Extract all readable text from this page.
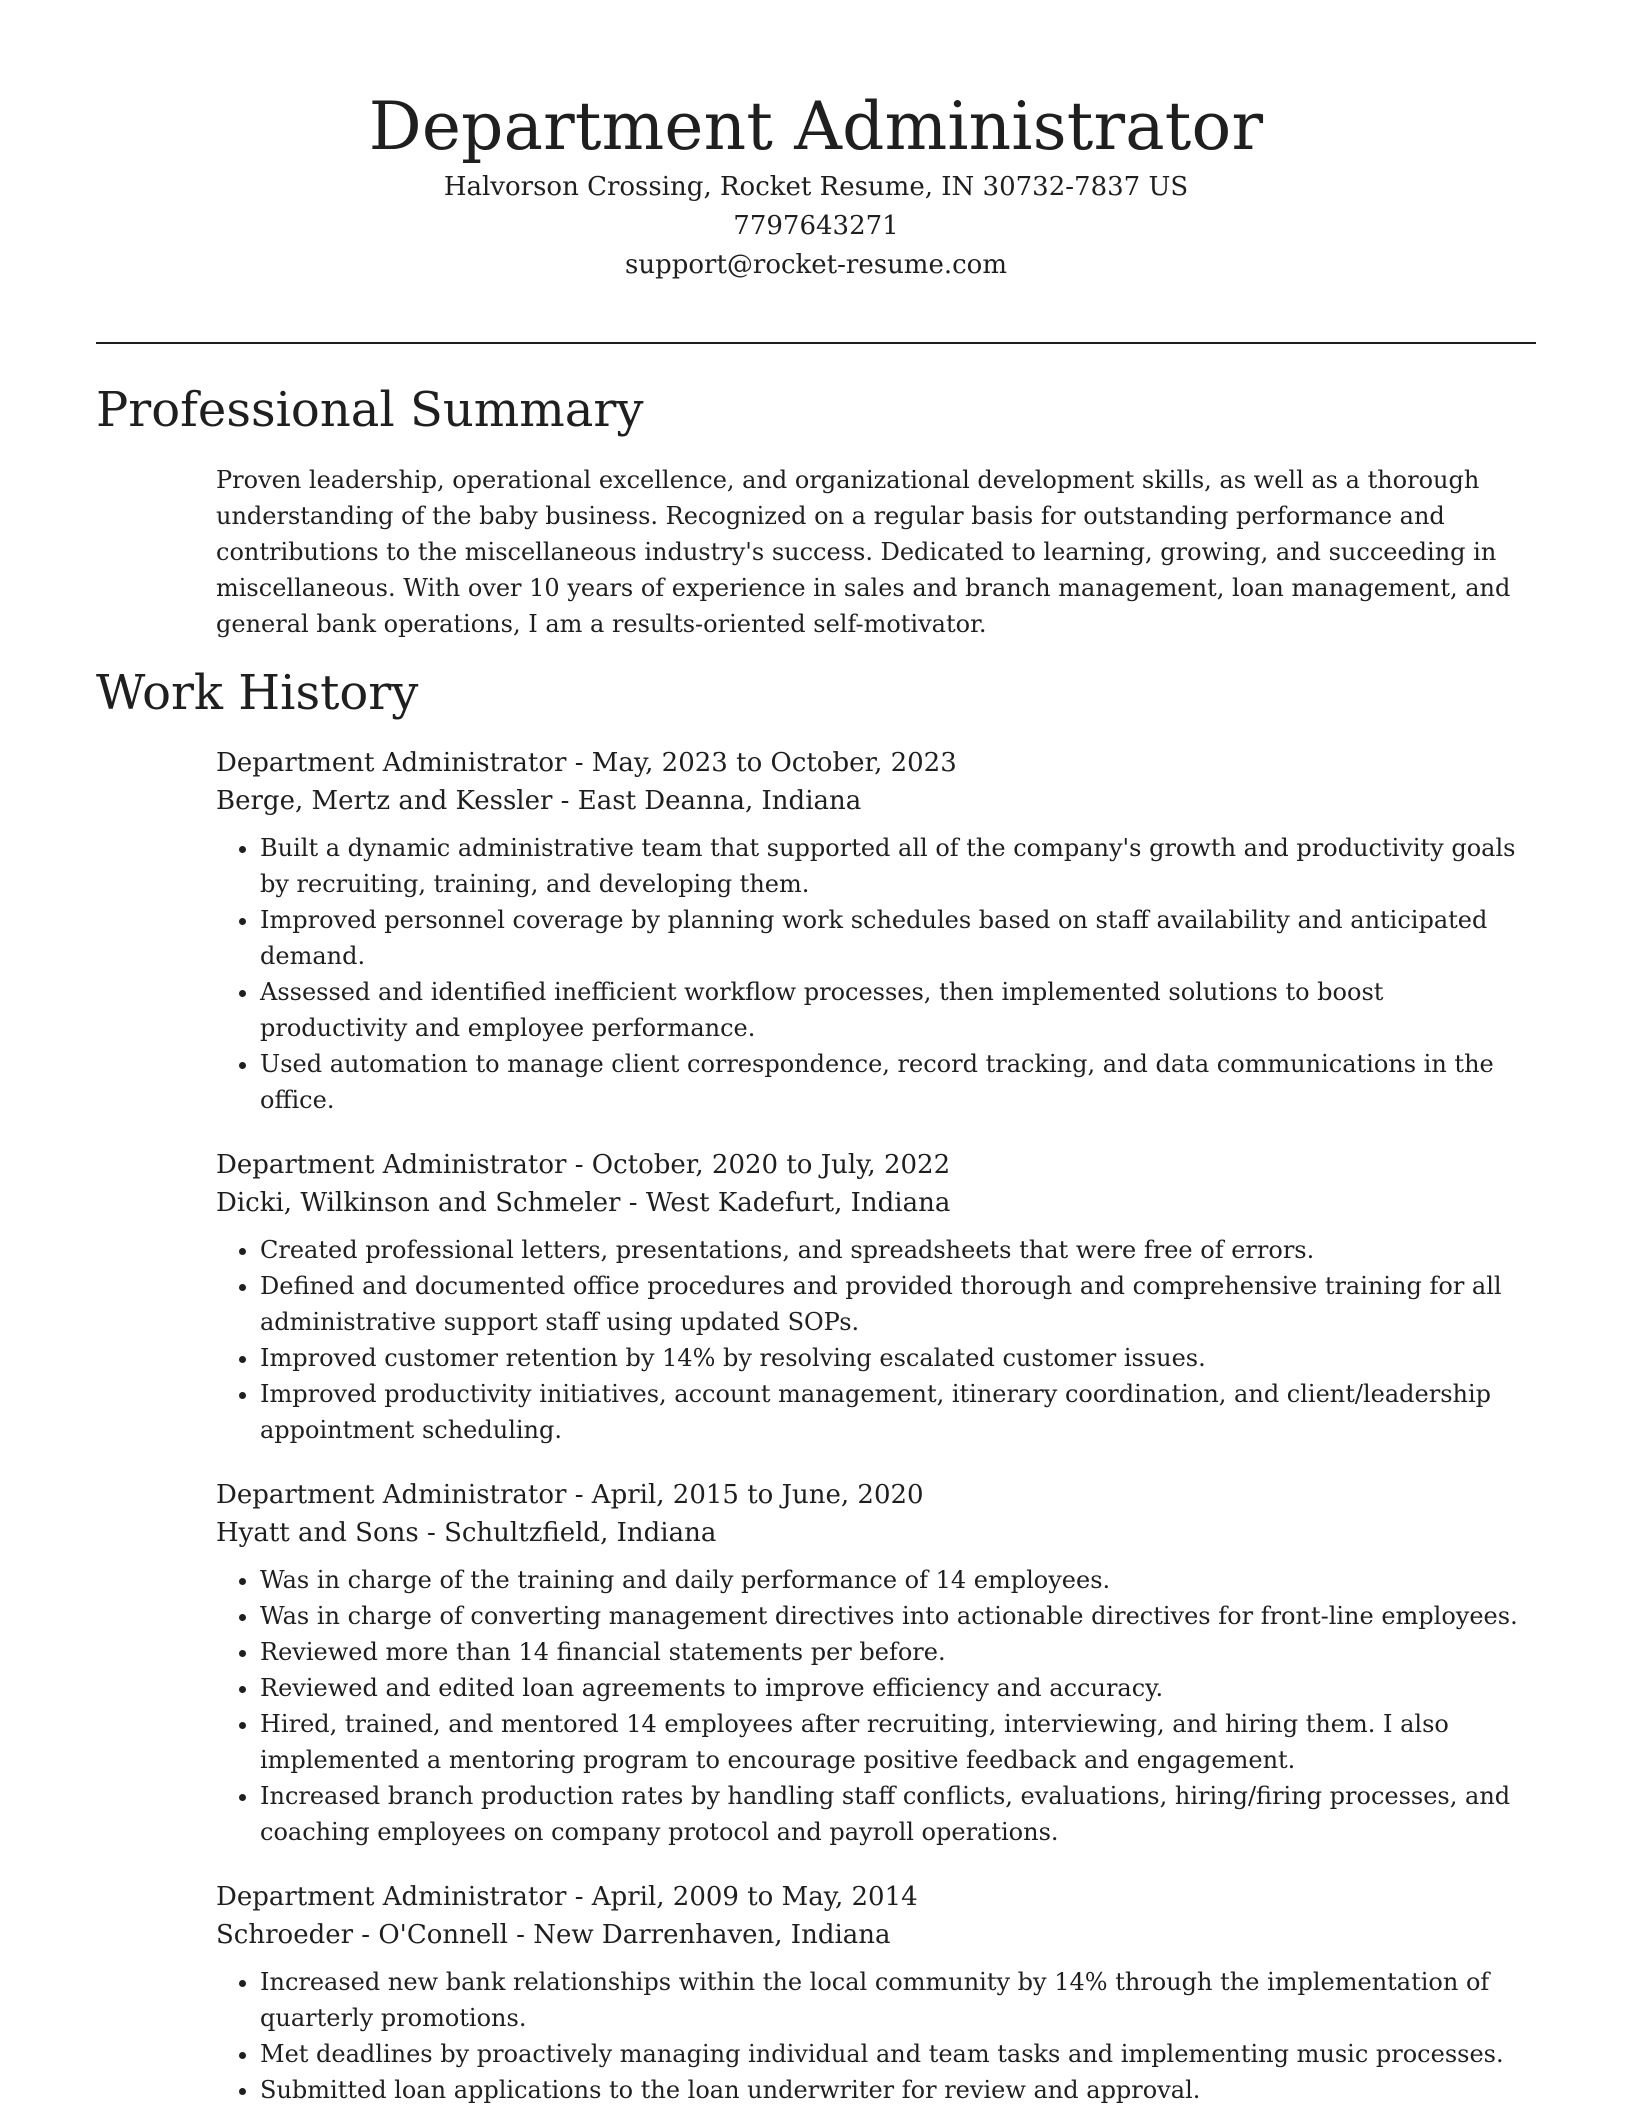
Department Administrator
Halvorson Crossing, Rocket Resume, IN 30732-7837 US
7797643271
support@rocket-resume.com
Professional Summary

Proven leadership, operational excellence, and organizational development skills, as well as a thorough understanding of the baby business. Recognized on a regular basis for outstanding performance and contributions to the miscellaneous industry's success. Dedicated to learning, growing, and succeeding in miscellaneous. With over 10 years of experience in sales and branch management, loan management, and general bank operations, I am a results-oriented self-motivator.

Work History
Department Administrator - May, 2023 to October, 2023
Berge, Mertz and Kessler - East Deanna, Indiana
• Built a dynamic administrative team that supported all of the company's growth and productivity goals by recruiting, training, and developing them.
• Improved personnel coverage by planning work schedules based on staff availability and anticipated demand.
• Assessed and identified inefficient workflow processes, then implemented solutions to boost productivity and employee performance.
• Used automation to manage client correspondence, record tracking, and data communications in the office.
Department Administrator - October, 2020 to July, 2022
Dicki, Wilkinson and Schmeler - West Kadefurt, Indiana
• Created professional letters, presentations, and spreadsheets that were free of errors.
• Defined and documented office procedures and provided thorough and comprehensive training for all administrative support staff using updated SOPs.
• Improved customer retention by 14% by resolving escalated customer issues.
• Improved productivity initiatives, account management, itinerary coordination, and client/leadership appointment scheduling.
Department Administrator - April, 2015 to June, 2020
Hyatt and Sons - Schultzfield, Indiana
• Was in charge of the training and daily performance of 14 employees.
• Was in charge of converting management directives into actionable directives for front-line employees.
• Reviewed more than 14 financial statements per before.
• Reviewed and edited loan agreements to improve efficiency and accuracy.
• Hired, trained, and mentored 14 employees after recruiting, interviewing, and hiring them. I also implemented a mentoring program to encourage positive feedback and engagement.
• Increased branch production rates by handling staff conflicts, evaluations, hiring/firing processes, and coaching employees on company protocol and payroll operations.
Department Administrator - April, 2009 to May, 2014
Schroeder - O'Connell - New Darrenhaven, Indiana
• Increased new bank relationships within the local community by 14% through the implementation of quarterly promotions.
• Met deadlines by proactively managing individual and team tasks and implementing music processes.
• Submitted loan applications to the loan underwriter for review and approval.
